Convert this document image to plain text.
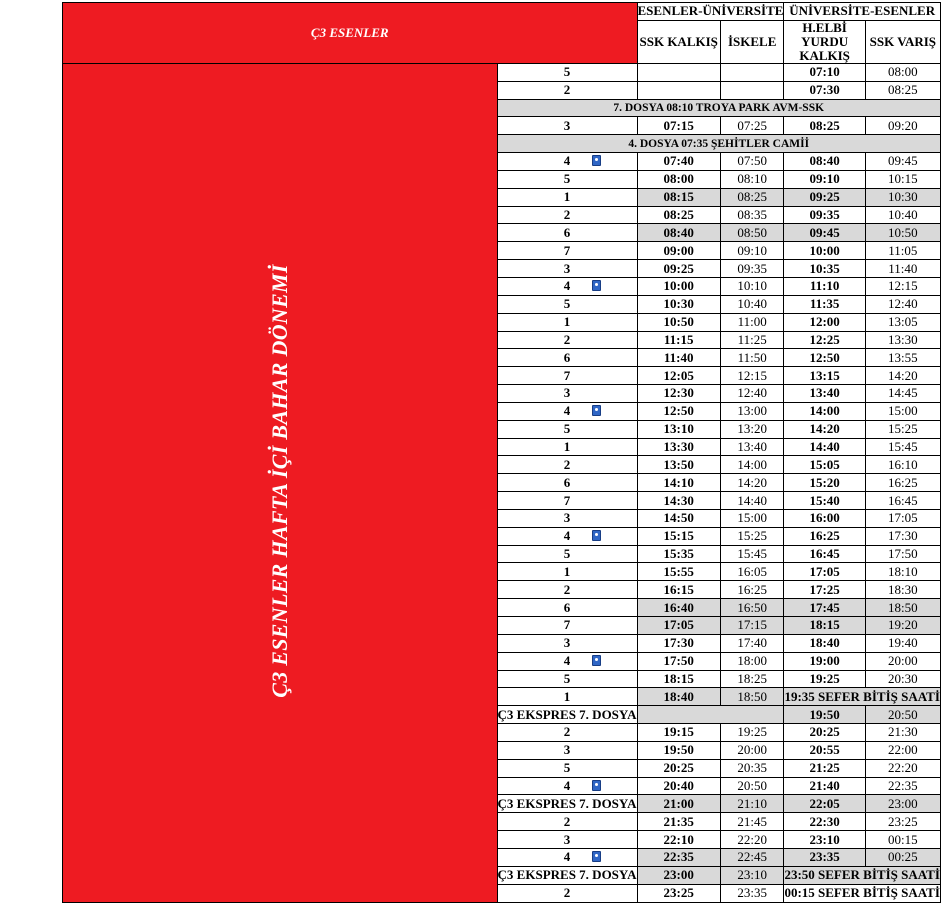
Ç3 ESENLER		ESENLER-ÜNİVERSİTE		ÜNİVERSİTE-ESENLER	
		SSK KALKIŞ	İSKELE	H.ELBİ YURDU KALKIŞ	SSK VARIŞ

Ç3 ESENLER HAFTA İÇİ BAHAR DÖNEMİ	5			07:10	08:00
	2			07:30	08:25
	7. DOSYA 08:10 TROYA PARK AVM-SSK				
	3	07:15	07:25	08:25	09:20
	4. DOSYA 07:35 ŞEHİTLER CAMİİ				
	4	07:40	07:50	08:40	09:45
	5	08:00	08:10	09:10	10:15
	1	08:15	08:25	09:25	10:30
	2	08:25	08:35	09:35	10:40
	6	08:40	08:50	09:45	10:50
	7	09:00	09:10	10:00	11:05
	3	09:25	09:35	10:35	11:40
	4	10:00	10:10	11:10	12:15
	5	10:30	10:40	11:35	12:40
	1	10:50	11:00	12:00	13:05
	2	11:15	11:25	12:25	13:30
	6	11:40	11:50	12:50	13:55
	7	12:05	12:15	13:15	14:20
	3	12:30	12:40	13:40	14:45
	4	12:50	13:00	14:00	15:00
	5	13:10	13:20	14:20	15:25
	1	13:30	13:40	14:40	15:45
	2	13:50	14:00	15:05	16:10
	6	14:10	14:20	15:20	16:25
	7	14:30	14:40	15:40	16:45
	3	14:50	15:00	16:00	17:05
	4	15:15	15:25	16:25	17:30
	5	15:35	15:45	16:45	17:50
	1	15:55	16:05	17:05	18:10
	2	16:15	16:25	17:25	18:30
	6	16:40	16:50	17:45	18:50
	7	17:05	17:15	18:15	19:20
	3	17:30	17:40	18:40	19:40
	4	17:50	18:00	19:00	20:00
	5	18:15	18:25	19:25	20:30
	1	18:40	18:50	19:35 SEFER BİTİŞ SAATİ	
	Ç3 EKSPRES 7. DOSYA			19:50	20:50
	2	19:15	19:25	20:25	21:30
	3	19:50	20:00	20:55	22:00
	5	20:25	20:35	21:25	22:20
	4	20:40	20:50	21:40	22:35
	Ç3 EKSPRES 7. DOSYA	21:00	21:10	22:05	23:00
	2	21:35	21:45	22:30	23:25
	3	22:10	22:20	23:10	00:15
	4	22:35	22:45	23:35	00:25
	Ç3 EKSPRES 7. DOSYA	23:00	23:10	23:50 SEFER BİTİŞ SAATİ	
	2	23:25	23:35	00:15 SEFER BİTİŞ SAATİ	
